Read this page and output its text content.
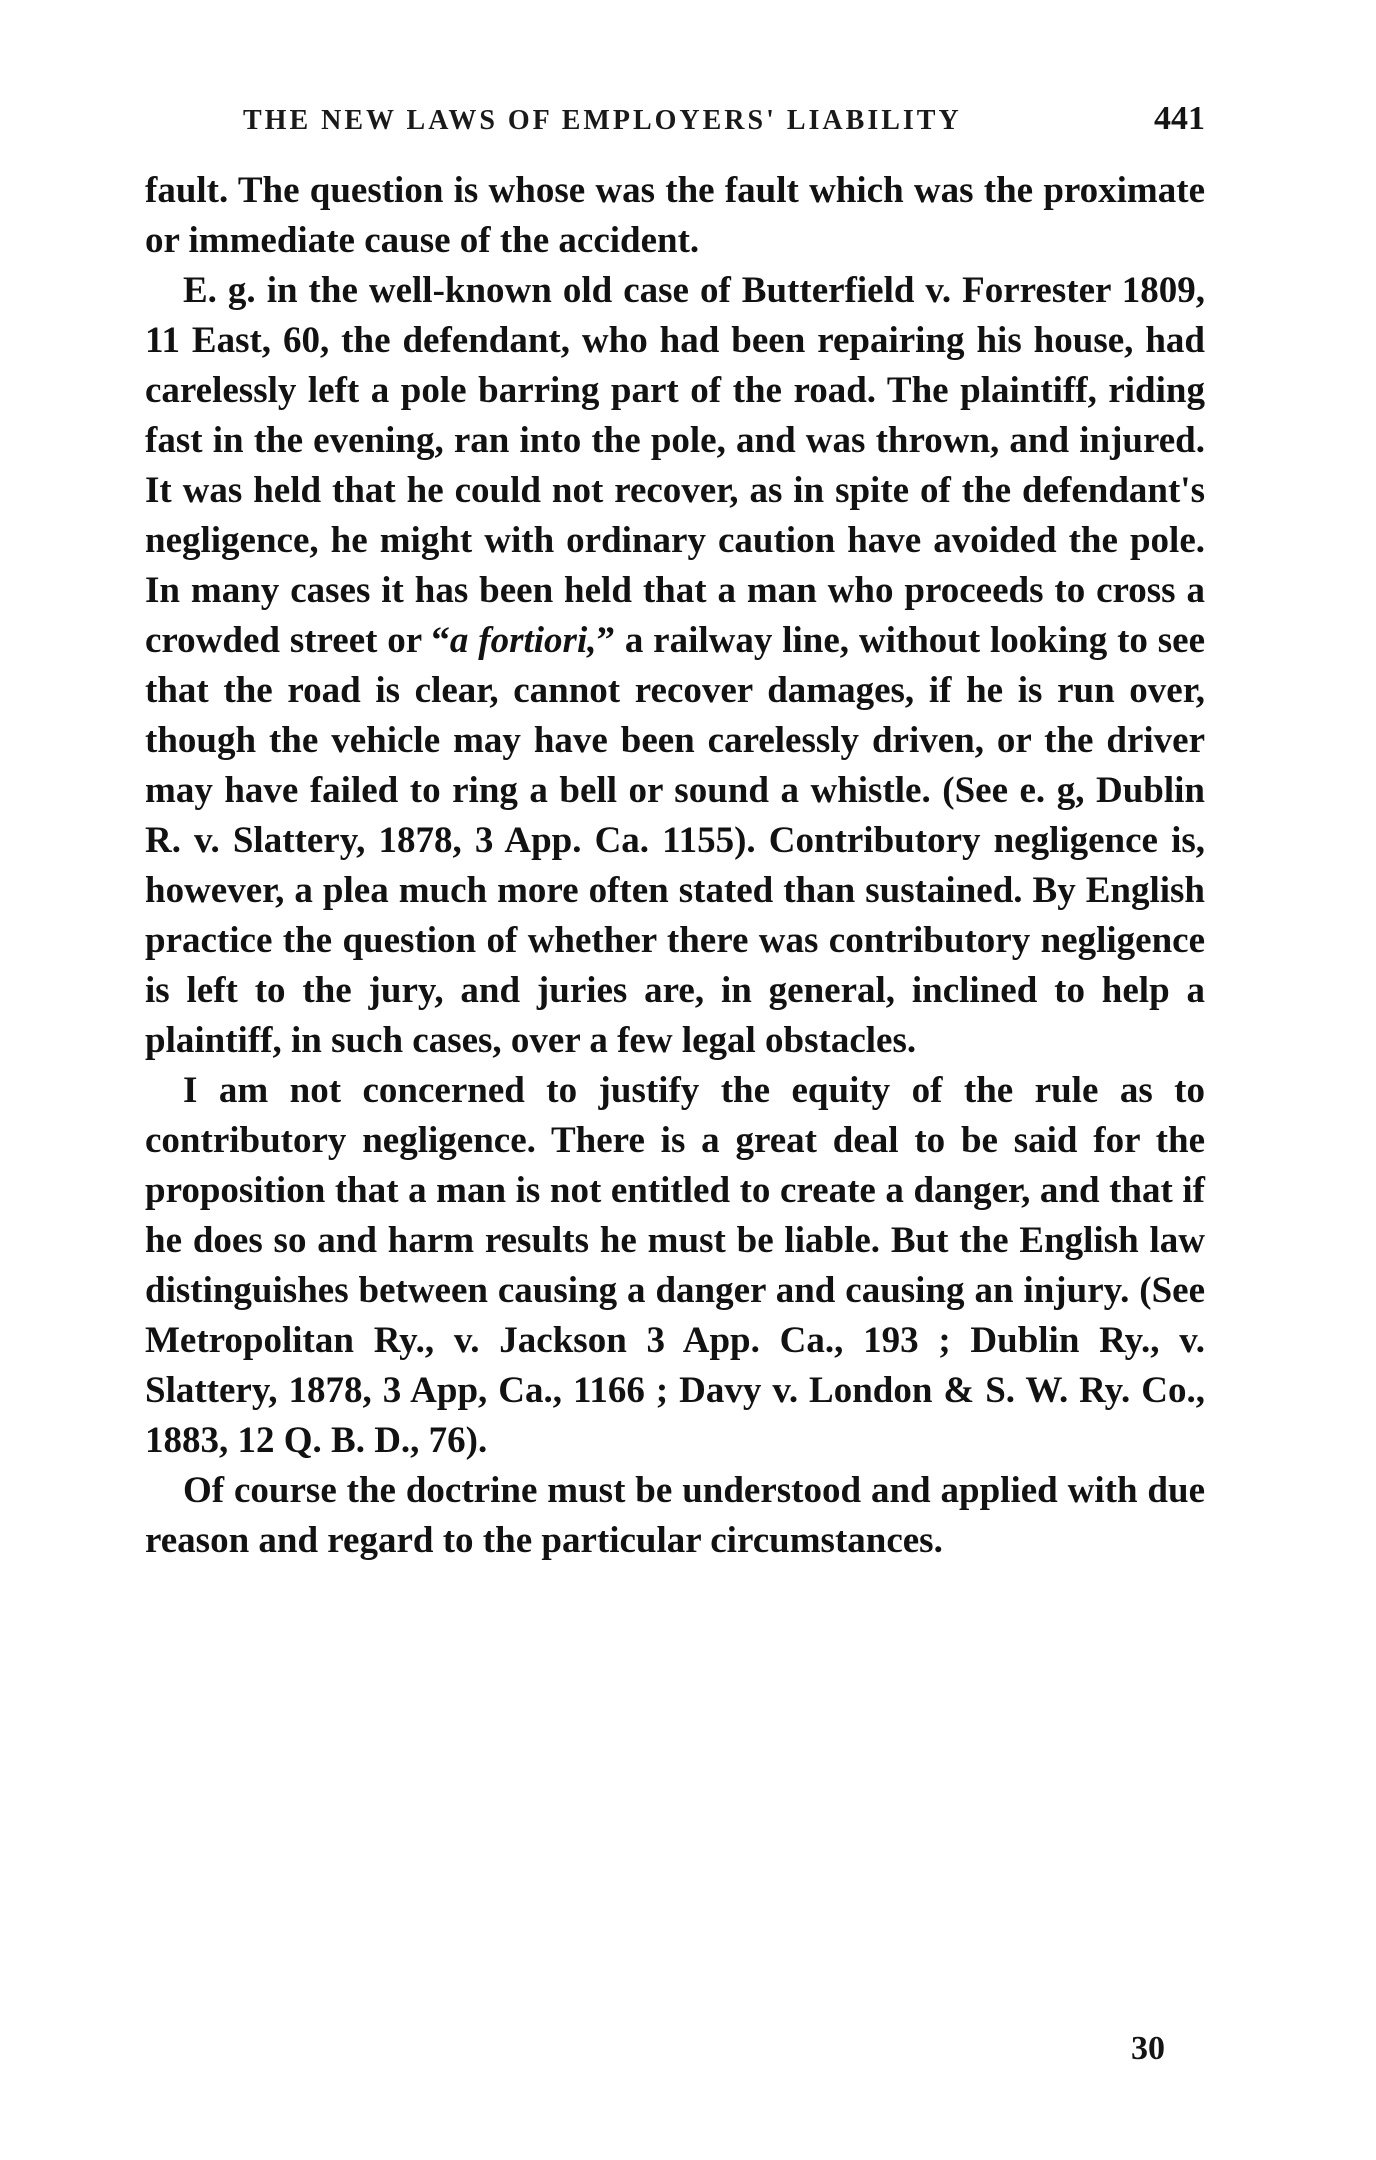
THE NEW LAWS OF EMPLOYERS' LIABILITY	441

fault. The question is whose was the fault which was the proximate or immediate cause of the accident.

E. g. in the well-known old case of Butterfield v. Forrester 1809, 11 East, 60, the defendant, who had been repairing his house, had carelessly left a pole barring part of the road. The plaintiff, riding fast in the evening, ran into the pole, and was thrown, and injured. It was held that he could not recover, as in spite of the defendant's negligence, he might with ordinary caution have avoided the pole. In many cases it has been held that a man who proceeds to cross a crowded street or “a fortiori,” a railway line, without looking to see that the road is clear, cannot recover damages, if he is run over, though the vehicle may have been carelessly driven, or the driver may have failed to ring a bell or sound a whistle. (See e. g, Dublin R. v. Slattery, 1878, 3 App. Ca. 1155). Contributory negligence is, however, a plea much more often stated than sustained. By English practice the question of whether there was contributory negligence is left to the jury, and juries are, in general, inclined to help a plaintiff, in such cases, over a few legal obstacles.

I am not concerned to justify the equity of the rule as to contributory negligence. There is a great deal to be said for the proposition that a man is not entitled to create a danger, and that if he does so and harm results he must be liable. But the English law distinguishes between causing a danger and causing an injury. (See Metropolitan Ry., v. Jackson 3 App. Ca., 193 ; Dublin Ry., v. Slattery, 1878, 3 App, Ca., 1166 ; Davy v. London & S. W. Ry. Co., 1883, 12 Q. B. D., 76).

Of course the doctrine must be understood and applied with due reason and regard to the particular circumstances.

30
